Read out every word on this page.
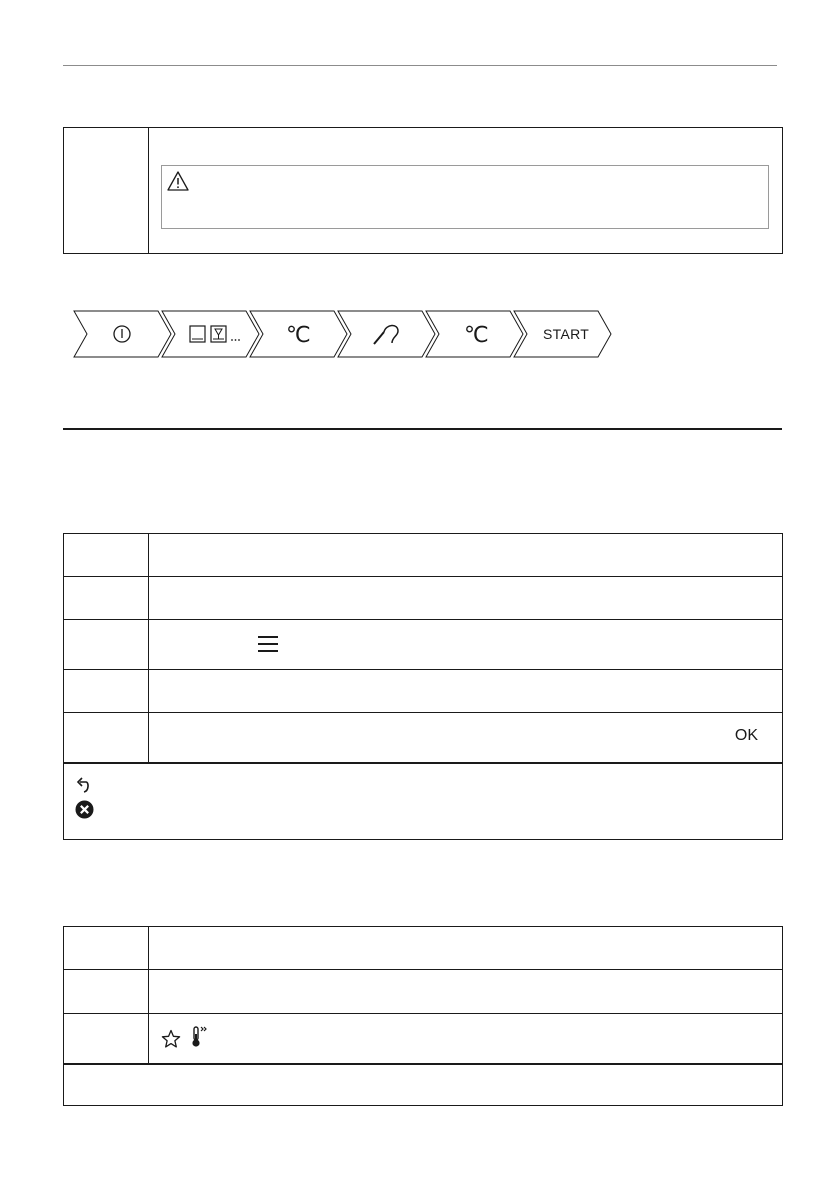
℃	℃	START

	OK
